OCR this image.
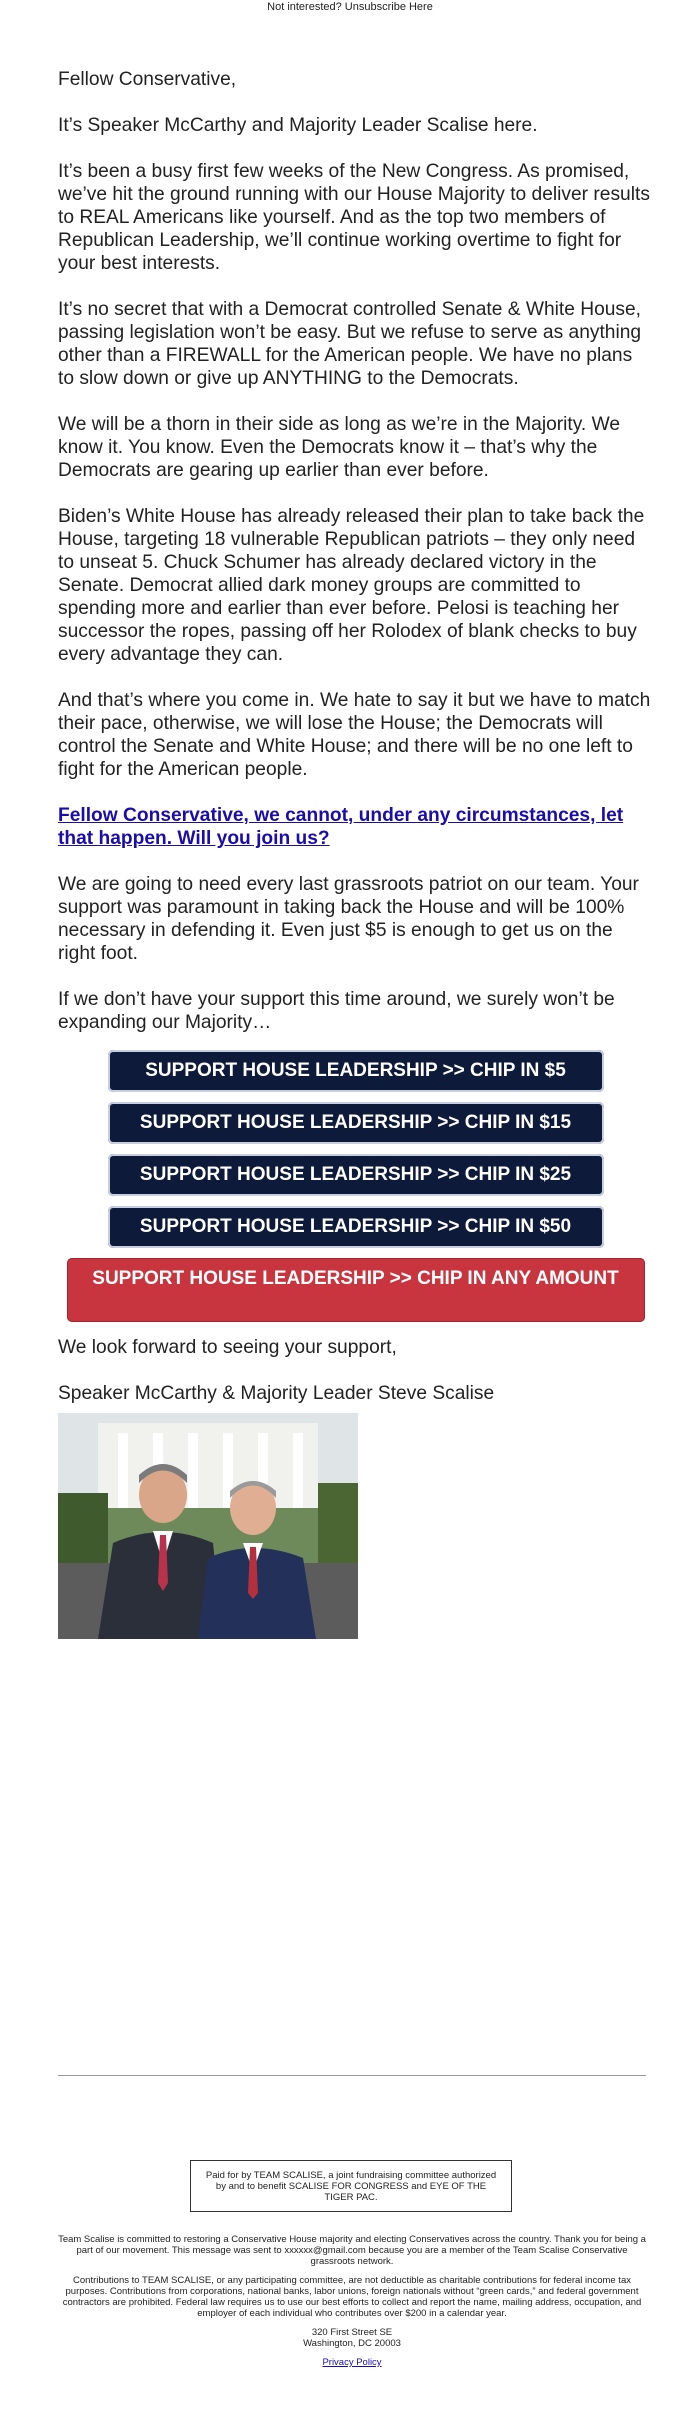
Not interested? Unsubscribe Here

Fellow Conservative,

It’s Speaker McCarthy and Majority Leader Scalise here.

It’s been a busy first few weeks of the New Congress. As promised, we’ve hit the ground running with our House Majority to deliver results to REAL Americans like yourself. And as the top two members of Republican Leadership, we’ll continue working overtime to fight for your best interests.

It’s no secret that with a Democrat controlled Senate & White House, passing legislation won’t be easy. But we refuse to serve as anything other than a FIREWALL for the American people. We have no plans to slow down or give up ANYTHING to the Democrats.

We will be a thorn in their side as long as we’re in the Majority. We know it. You know. Even the Democrats know it – that’s why the Democrats are gearing up earlier than ever before.

Biden’s White House has already released their plan to take back the House, targeting 18 vulnerable Republican patriots – they only need to unseat 5. Chuck Schumer has already declared victory in the Senate. Democrat allied dark money groups are committed to spending more and earlier than ever before. Pelosi is teaching her successor the ropes, passing off her Rolodex of blank checks to buy every advantage they can.

And that’s where you come in. We hate to say it but we have to match their pace, otherwise, we will lose the House; the Democrats will control the Senate and White House; and there will be no one left to fight for the American people.

Fellow Conservative, we cannot, under any circumstances, let that happen. Will you join us?

We are going to need every last grassroots patriot on our team. Your support was paramount in taking back the House and will be 100% necessary in defending it. Even just $5 is enough to get us on the right foot.

If we don’t have your support this time around, we surely won’t be expanding our Majority…

SUPPORT HOUSE LEADERSHIP >> CHIP IN $5
SUPPORT HOUSE LEADERSHIP >> CHIP IN $15
SUPPORT HOUSE LEADERSHIP >> CHIP IN $25
SUPPORT HOUSE LEADERSHIP >> CHIP IN $50
SUPPORT HOUSE LEADERSHIP >> CHIP IN ANY AMOUNT

We look forward to seeing your support,

Speaker McCarthy & Majority Leader Steve Scalise

Paid for by TEAM SCALISE, a joint fundraising committee authorized by and to benefit SCALISE FOR CONGRESS and EYE OF THE TIGER PAC.

Team Scalise is committed to restoring a Conservative House majority and electing Conservatives across the country. Thank you for being a part of our movement. This message was sent to xxxxxx@gmail.com because you are a member of the Team Scalise Conservative grassroots network.

Contributions to TEAM SCALISE, or any participating committee, are not deductible as charitable contributions for federal income tax purposes. Contributions from corporations, national banks, labor unions, foreign nationals without “green cards,” and federal government contractors are prohibited. Federal law requires us to use our best efforts to collect and report the name, mailing address, occupation, and employer of each individual who contributes over $200 in a calendar year.

320 First Street SE

Washington, DC 20003

Privacy Policy
